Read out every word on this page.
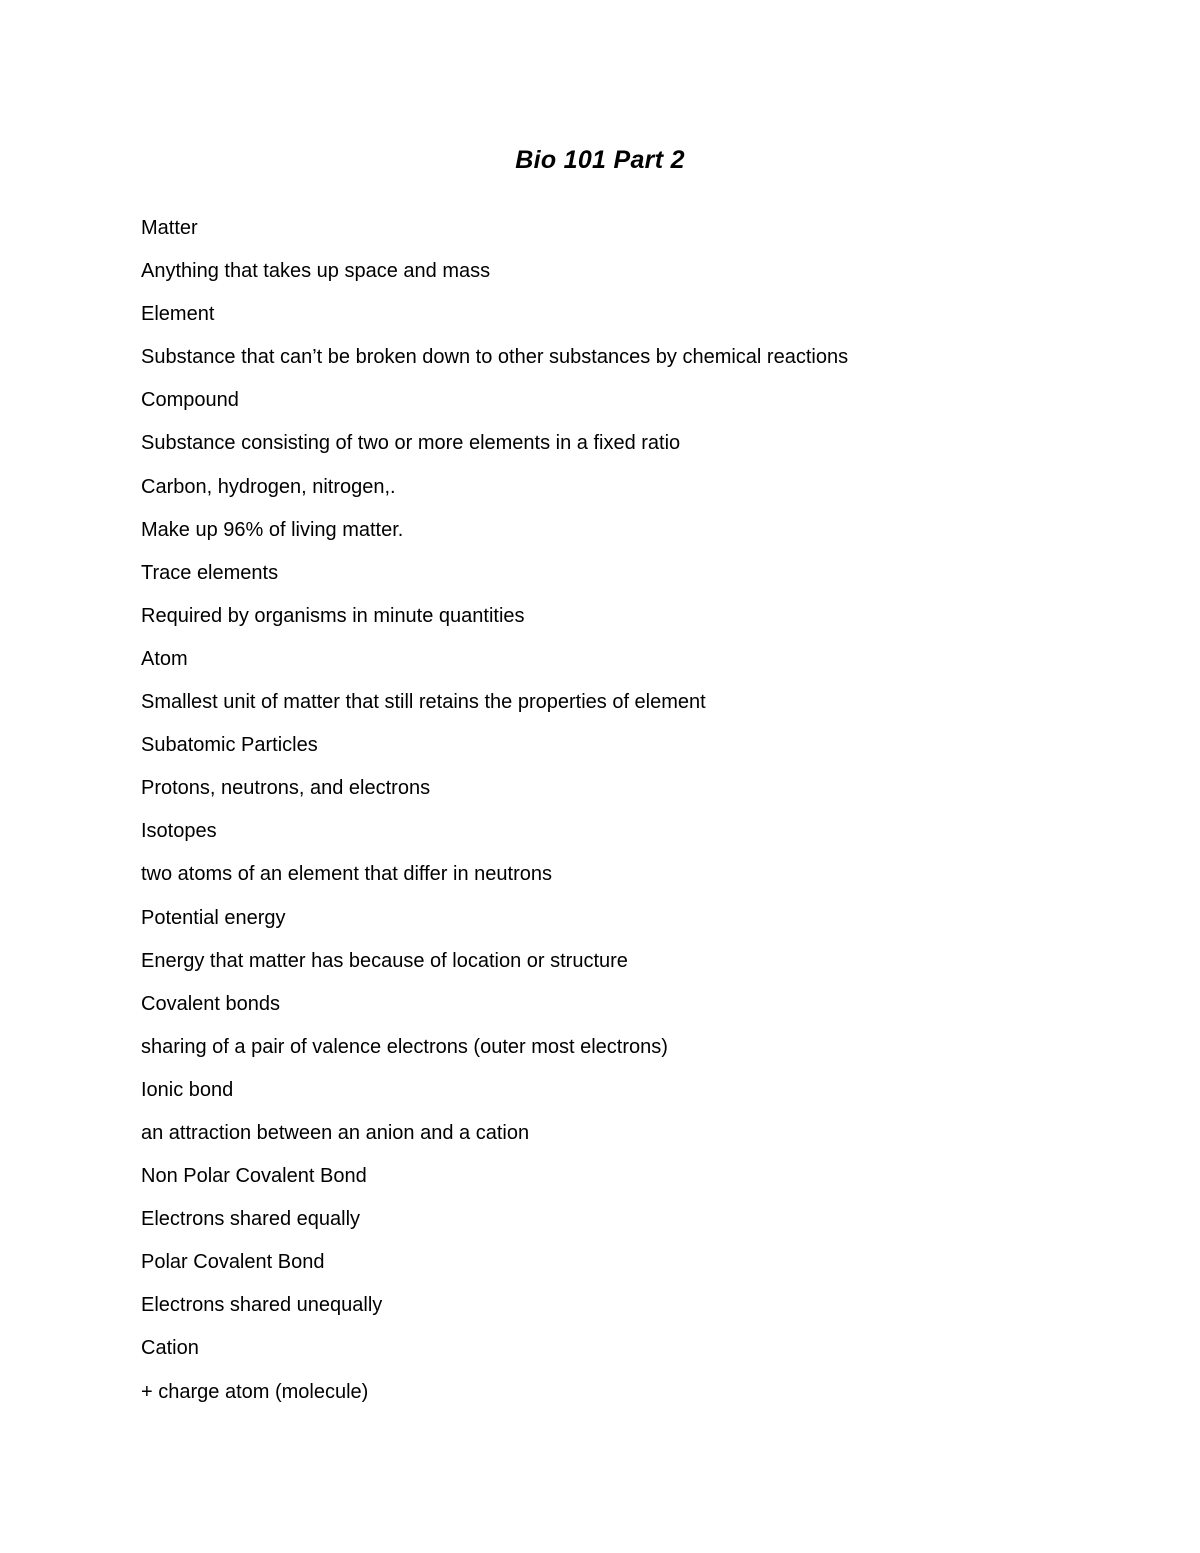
Bio 101 Part 2
Matter
Anything that takes up space and mass
Element
Substance that can’t be broken down to other substances by chemical reactions
Compound
Substance consisting of two or more elements in a fixed ratio
Carbon, hydrogen, nitrogen,.
Make up 96% of living matter.
Trace elements
Required by organisms in minute quantities
Atom
Smallest unit of matter that still retains the properties of element
Subatomic Particles
Protons, neutrons, and electrons
Isotopes
two atoms of an element that differ in neutrons
Potential energy
Energy that matter has because of location or structure
Covalent bonds
sharing of a pair of valence electrons (outer most electrons)
Ionic bond
an attraction between an anion and a cation
Non Polar Covalent Bond
Electrons shared equally
Polar Covalent Bond
Electrons shared unequally
Cation
+ charge atom (molecule)
